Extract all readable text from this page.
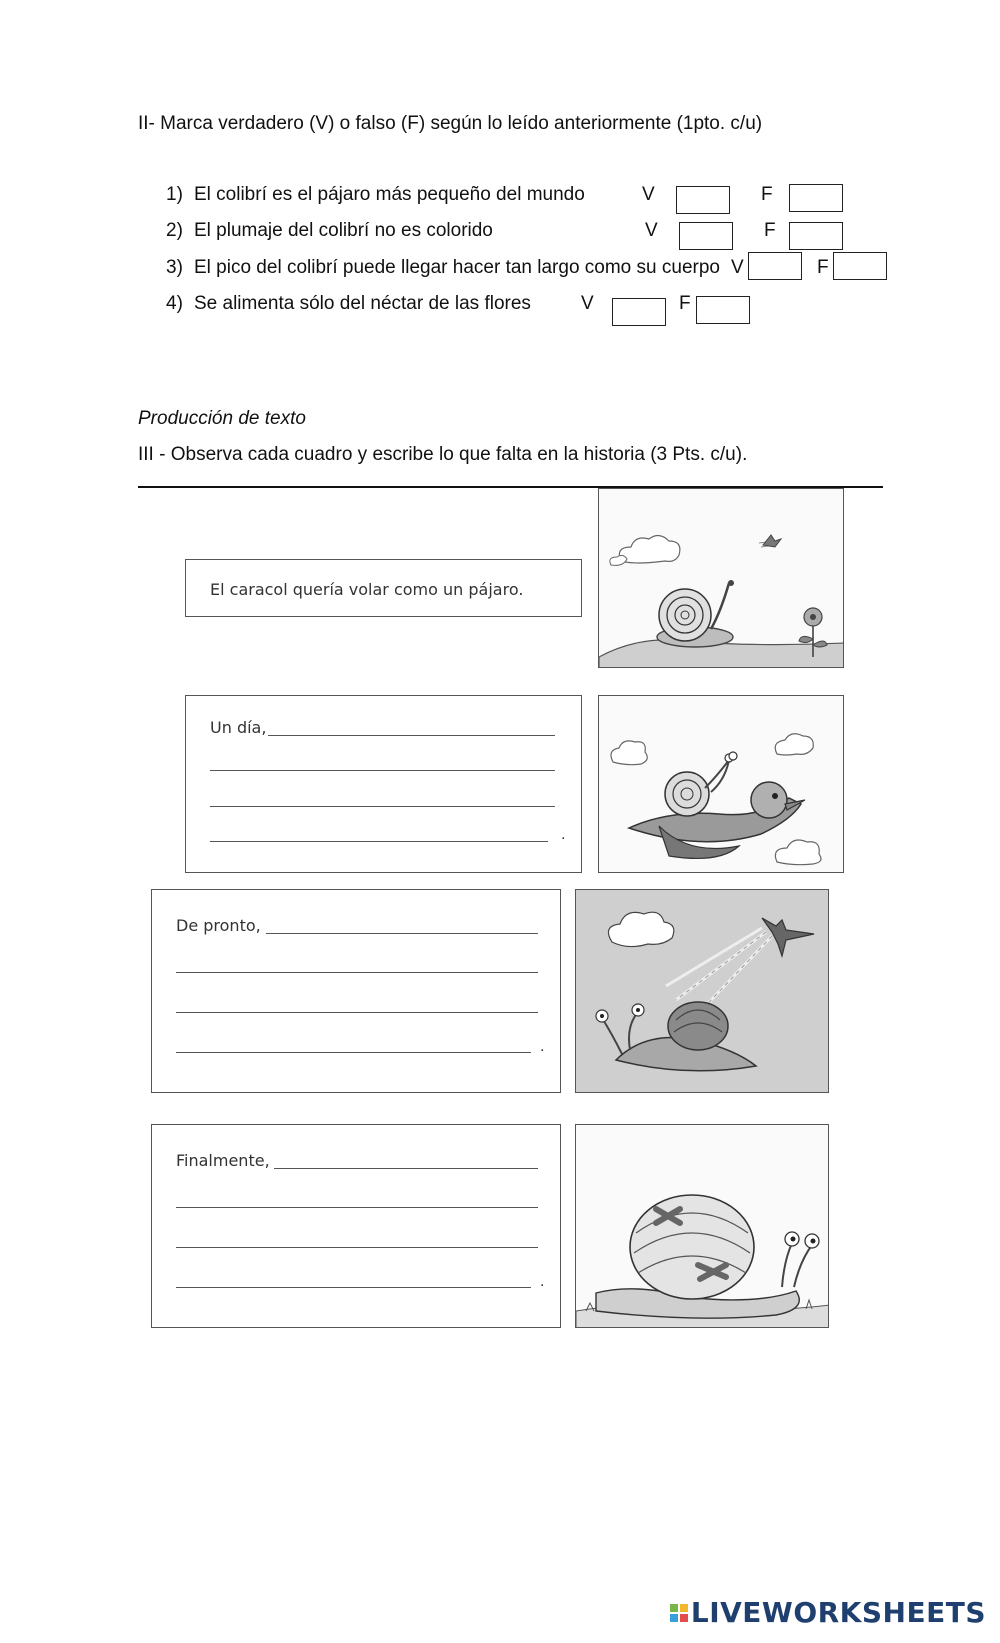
II- Marca verdadero (V) o falso (F) según lo leído anteriormente (1pto. c/u)
1) El colibrí es el pájaro más pequeño del mundo	V	F
2) El plumaje del colibrí no es colorido	V	F
3) El pico del colibrí puede llegar hacer tan largo como su cuerpo V	F
4) Se alimenta sólo del néctar de las flores	V	F
Producción de texto
III - Observa cada cuadro y escribe lo que falta en la historia (3 Pts. c/u).
El caracol quería volar como un pájaro.
Un día,
.
De pronto,
.
Finalmente,
.
LIVEWORKSHEETS
